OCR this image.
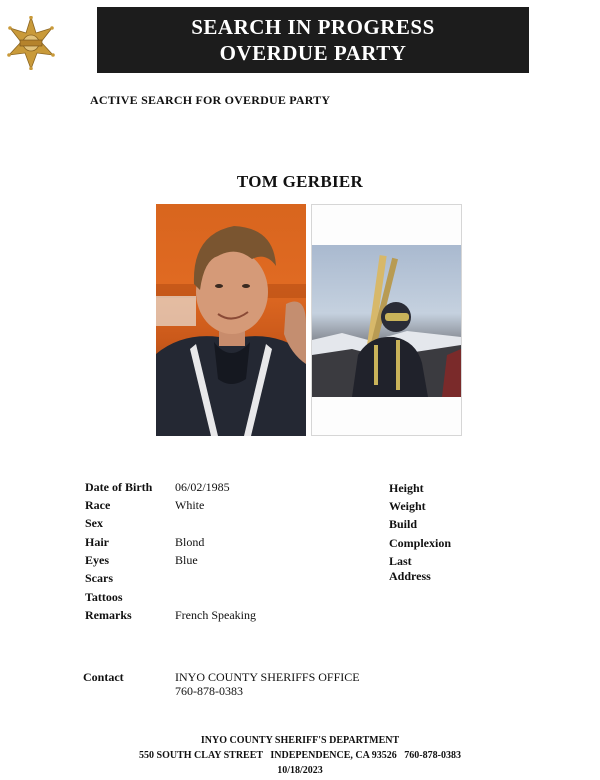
SEARCH IN PROGRESS
OVERDUE PARTY
ACTIVE SEARCH FOR OVERDUE PARTY
TOM GERBIER
Date of Birth 06/02/1985
Race	White
Sex
Hair	Blond
Eyes	Blue
Scars
Tattoos
Remarks	French Speaking
Height
Weight
Build
Complexion
Last Address
Contact	INYO COUNTY SHERIFFS OFFICE
760-878-0383
INYO COUNTY SHERIFF'S DEPARTMENT
550 SOUTH CLAY STREET   INDEPENDENCE, CA 93526   760-878-0383
10/18/2023
